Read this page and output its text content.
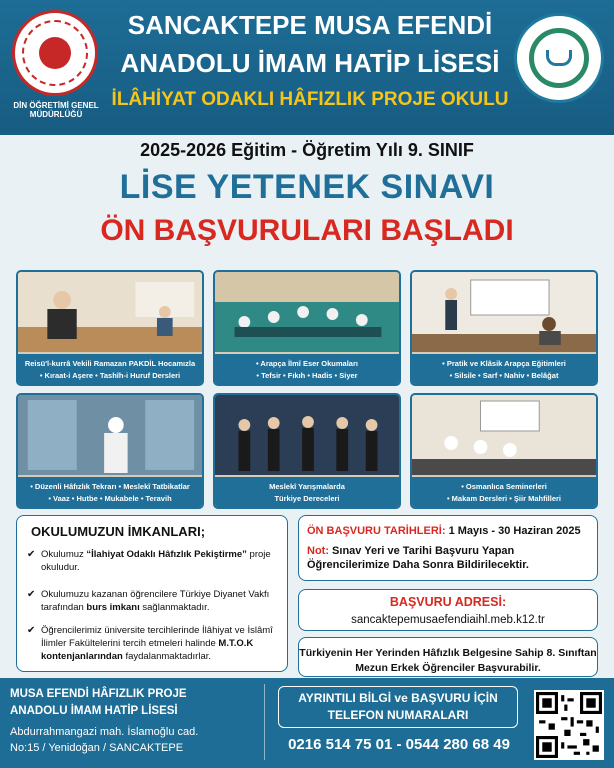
DİN ÖĞRETİMİ GENEL MÜDÜRLÜĞÜ
SANCAKTEPE MUSA EFENDİ
ANADOLU İMAM HATİP LİSESİ
İLÂHİYAT ODAKLI HÂFIZLIK PROJE OKULU
2025-2026 Eğitim - Öğretim Yılı 9. SINIF
LİSE YETENEK SINAVI
ÖN BAŞVURULARI BAŞLADI
Reisü'l-kurrâ Vekili Ramazan PAKDİL Hocamızla
• Kıraat-i Aşere • Tashîh-i Huruf Dersleri
• Arapça İlmî Eser Okumaları
• Tefsir • Fıkıh • Hadis • Siyer
• Pratik ve Klâsik Arapça Eğitimleri
• Silsile • Sarf • Nahiv • Belâğat
• Düzenli Hâfızlık Tekrarı • Meslekî Tatbikatlar
• Vaaz • Hutbe • Mukabele • Teravih
Meslekî Yarışmalarda
Türkiye Dereceleri
• Osmanlıca Seminerleri
• Makam Dersleri • Şiir Mahfilleri
OKULUMUZUN İMKANLARI;
✔ Okulumuz “İlahiyat Odaklı Hâfızlık Pekiştirme” proje okuludur.
✔ Okulumuzu kazanan öğrencilere Türkiye Diyanet Vakfı tarafından burs imkanı sağlanmaktadır.
✔ Öğrencilerimiz üniversite tercihlerinde İlâhiyat ve İslâmî İlimler Fakültelerini tercih etmeleri halinde M.T.O.K kontenjanlarından faydalanmaktadırlar.
ÖN BAŞVURU TARİHLERİ: 1 Mayıs - 30 Haziran 2025
Not: Sınav Yeri ve Tarihi Başvuru Yapan Öğrencilerimize Daha Sonra Bildirilecektir.
BAŞVURU ADRESİ:
sancaktepemusaefendiaihl.meb.k12.tr
Türkiyenin Her Yerinden Hâfızlık Belgesine Sahip 8. Sınıftan Mezun Erkek Öğrenciler Başvurabilir.
MUSA EFENDİ HÂFIZLIK PROJE
ANADOLU İMAM HATİP LİSESİ
Abdurrahmangazi mah. İslamoğlu cad.
No:15 / Yenidoğan / SANCAKTEPE
AYRINTILI BİLGİ ve BAŞVURU İÇİN
TELEFON NUMARALARI
0216 514 75 01 - 0544 280 68 49
